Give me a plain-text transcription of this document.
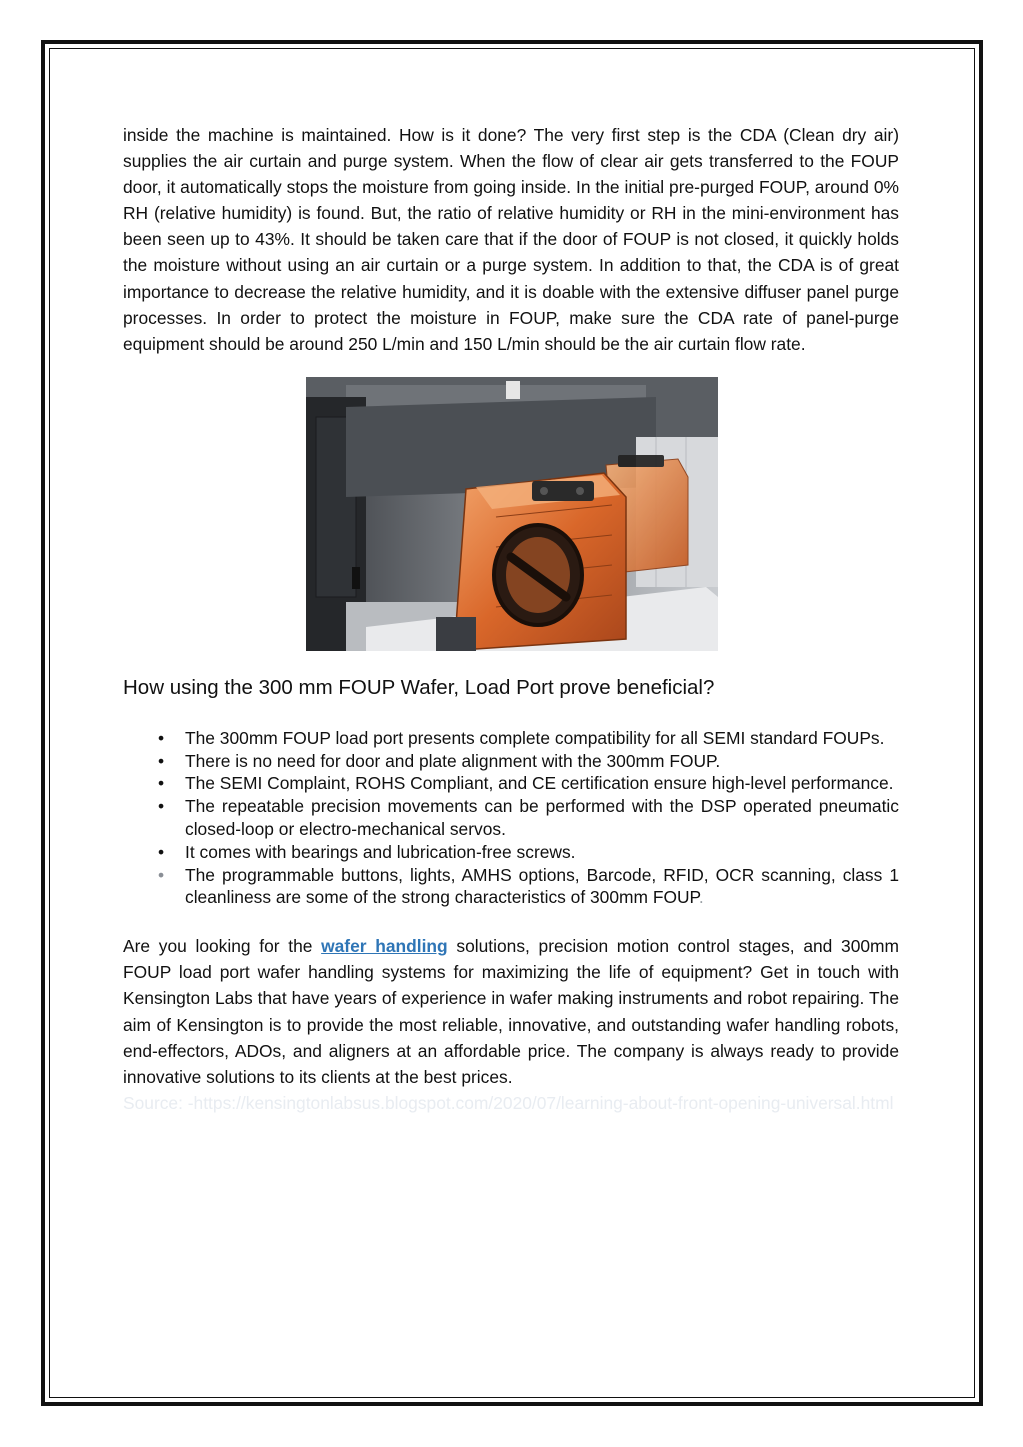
inside the machine is maintained. How is it done? The very first step is the CDA (Clean dry air) supplies the air curtain and purge system. When the flow of clear air gets transferred to the FOUP door, it automatically stops the moisture from going inside. In the initial pre-purged FOUP, around 0% RH (relative humidity) is found. But, the ratio of relative humidity or RH in the mini-environment has been seen up to 43%. It should be taken care that if the door of FOUP is not closed, it quickly holds the moisture without using an air curtain or a purge system. In addition to that, the CDA is of great importance to decrease the relative humidity, and it is doable with the extensive diffuser panel purge processes. In order to protect the moisture in FOUP, make sure the CDA rate of panel-purge equipment should be around 250 L/min and 150 L/min should be the air curtain flow rate.

How using the 300 mm FOUP Wafer, Load Port prove beneficial?
• The 300mm FOUP load port presents complete compatibility for all SEMI standard FOUPs.
• There is no need for door and plate alignment with the 300mm FOUP.
• The SEMI Complaint, ROHS Compliant, and CE certification ensure high-level performance.
• The repeatable precision movements can be performed with the DSP operated pneumatic closed-loop or electro-mechanical servos.
• It comes with bearings and lubrication-free screws.
• The programmable buttons, lights, AMHS options, Barcode, RFID, OCR scanning, class 1 cleanliness are some of the strong characteristics of 300mm FOUP.

Are you looking for the wafer handling solutions, precision motion control stages, and 300mm FOUP load port wafer handling systems for maximizing the life of equipment? Get in touch with Kensington Labs that have years of experience in wafer making instruments and robot repairing. The aim of Kensington is to provide the most reliable, innovative, and outstanding wafer handling robots, end-effectors, ADOs, and aligners at an affordable price. The company is always ready to provide innovative solutions to its clients at the best prices.

Source: -https://kensingtonlabsus.blogspot.com/2020/07/learning-about-front-opening-universal.html
